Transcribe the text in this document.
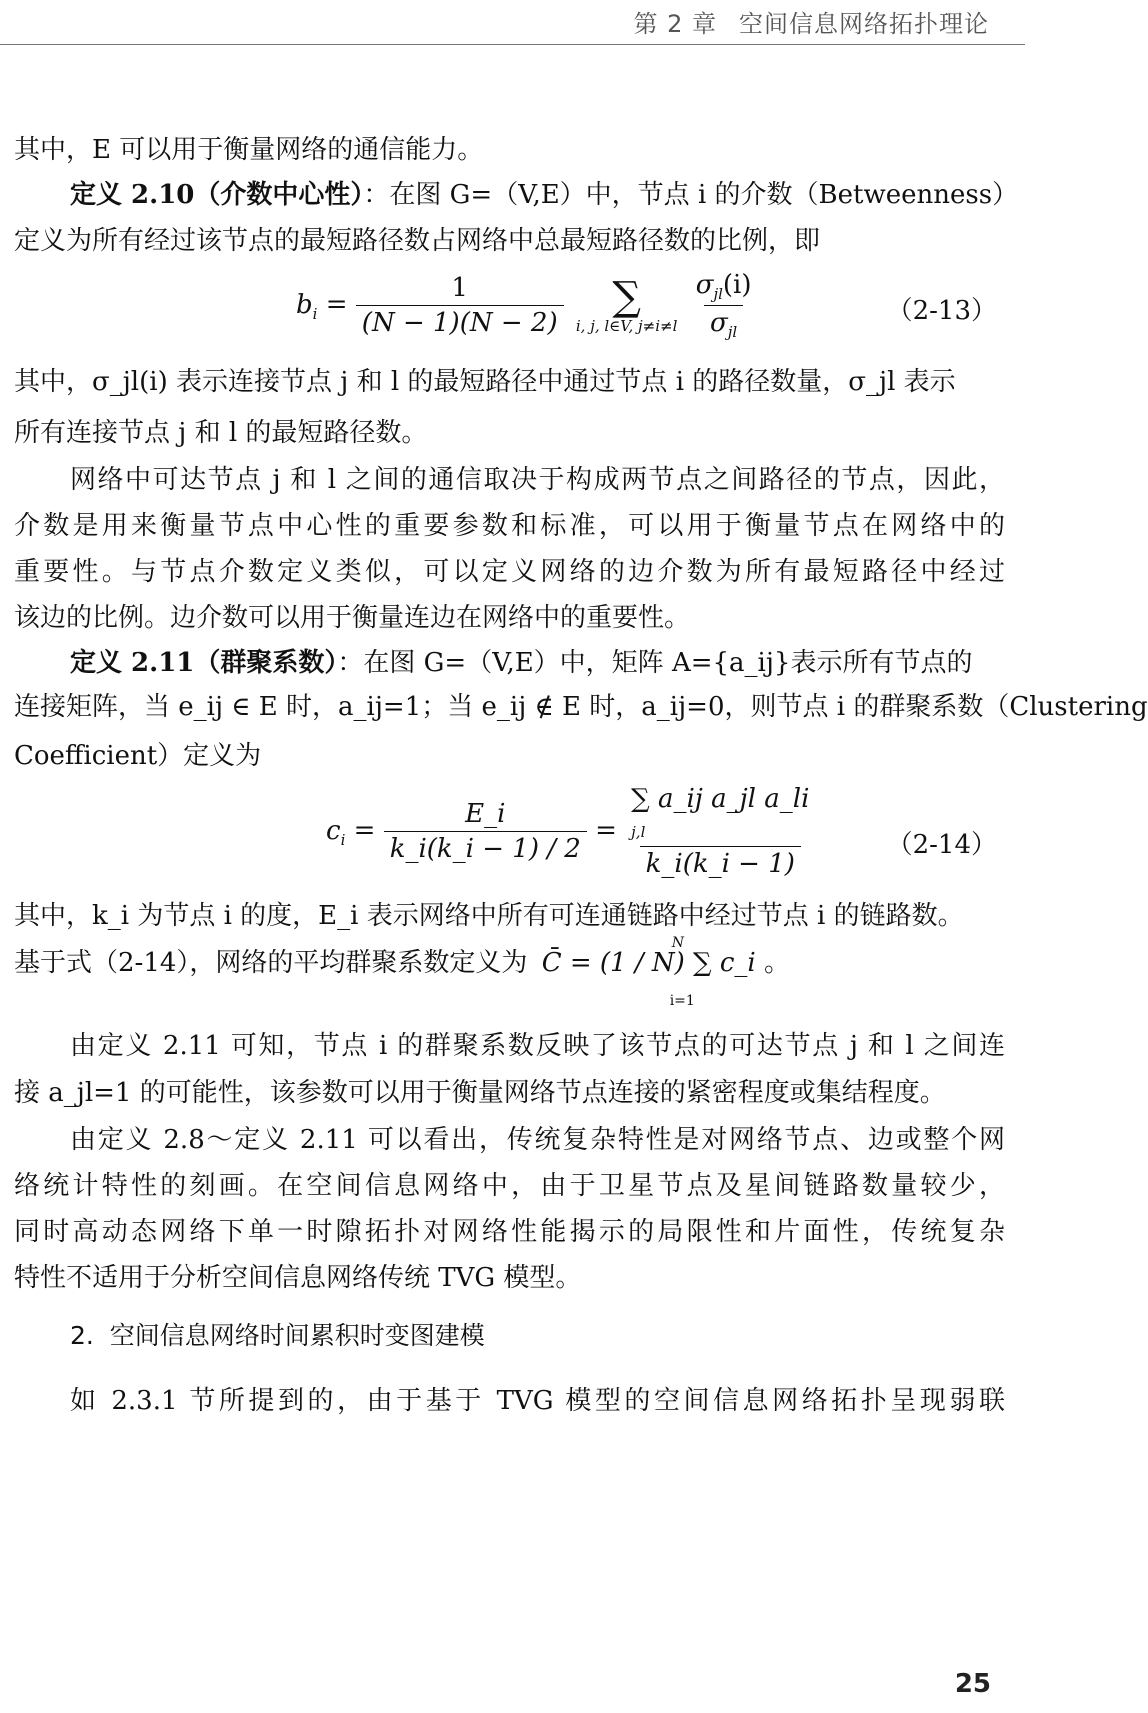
第 2 章 空间信息网络拓扑理论
其中，E 可以用于衡量网络的通信能力。
定义 2.10（介数中心性）：在图 G=（V,E）中，节点 i 的介数（Betweenness）
定义为所有经过该节点的最短路径数占网络中总最短路径数的比例，即
$b_i = \frac{1}{(N - 1)(N - 2)}$
∑
i, j, l∈V, j≠i≠l
$\frac{\sigma_{jl}(i)}{\sigma_{jl}}$	（2-13）
其中，σ_jl(i) 表示连接节点 j 和 l 的最短路径中通过节点 i 的路径数量，σ_jl 表示
所有连接节点 j 和 l 的最短路径数。
网络中可达节点 j 和 l 之间的通信取决于构成两节点之间路径的节点，因此，
介数是用来衡量节点中心性的重要参数和标准，可以用于衡量节点在网络中的
重要性。与节点介数定义类似，可以定义网络的边介数为所有最短路径中经过
该边的比例。边介数可以用于衡量连边在网络中的重要性。
定义 2.11（群聚系数）：在图 G=（V,E）中，矩阵 A={a_ij}表示所有节点的
连接矩阵，当 e_ij ∈ E 时，a_ij=1；当 e_ij ∉ E 时，a_ij=0，则节点 i 的群聚系数（Clustering
Coefficient）定义为
$c_i = \frac{E\_i}{k\_i(k\_i - 1) / 2}$ =
∑ a_ij a_jl a_li
j,l
k_i(k_i − 1)
（2-14）
其中，k_i 为节点 i 的度，E_i 表示网络中所有可连通链路中经过节点 i 的链路数。
基于式（2-14），网络的平均群聚系数定义为 C̄ = (1 / N) ∑ c_i
N
i=1
。
由定义 2.11 可知，节点 i 的群聚系数反映了该节点的可达节点 j 和 l 之间连
接 a_jl=1 的可能性，该参数可以用于衡量网络节点连接的紧密程度或集结程度。
由定义 2.8～定义 2.11 可以看出，传统复杂特性是对网络节点、边或整个网
络统计特性的刻画。在空间信息网络中，由于卫星节点及星间链路数量较少，
同时高动态网络下单一时隙拓扑对网络性能揭示的局限性和片面性，传统复杂
特性不适用于分析空间信息网络传统 TVG 模型。
2. 空间信息网络时间累积时变图建模
如 2.3.1 节所提到的，由于基于 TVG 模型的空间信息网络拓扑呈现弱联
25
